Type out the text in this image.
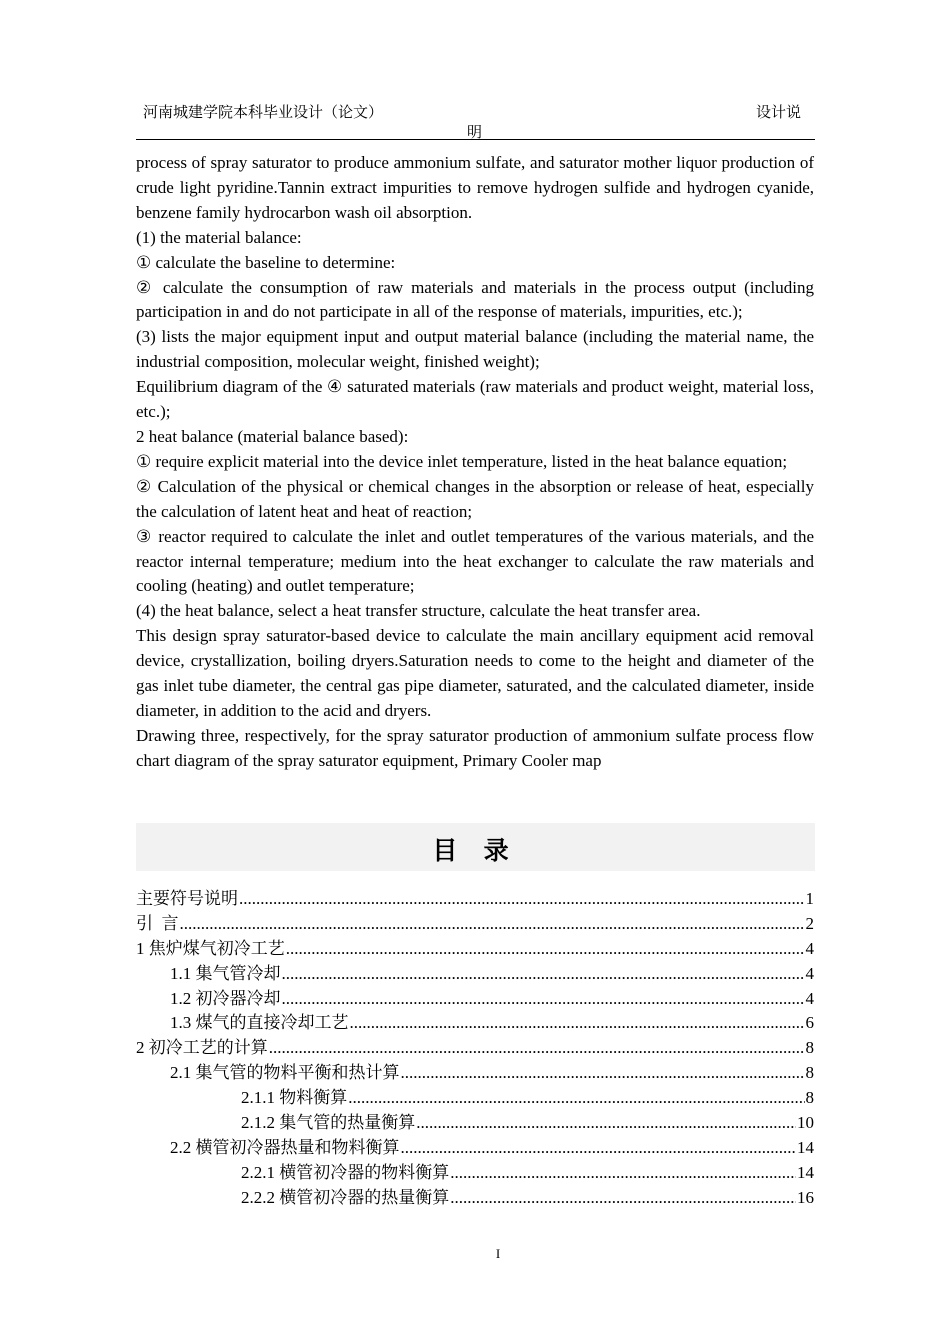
河南城建学院本科毕业设计（论文）	设计说
明

process of spray saturator to produce ammonium sulfate, and saturator mother liquor production of crude light pyridine.Tannin extract impurities to remove hydrogen sulfide and hydrogen cyanide, benzene family hydrocarbon wash oil absorption.

(1) the material balance:

① calculate the baseline to determine:

② calculate the consumption of raw materials and materials in the process output (including participation in and do not participate in all of the response of materials, impurities, etc.);

(3) lists the major equipment input and output material balance (including the material name, the industrial composition, molecular weight, finished weight);

Equilibrium diagram of the ④ saturated materials (raw materials and product weight, material loss, etc.);

2 heat balance (material balance based):

① require explicit material into the device inlet temperature, listed in the heat balance equation;

② Calculation of the physical or chemical changes in the absorption or release of heat, especially the calculation of latent heat and heat of reaction;

③ reactor required to calculate the inlet and outlet temperatures of the various materials, and the reactor internal temperature; medium into the heat exchanger to calculate the raw materials and cooling (heating) and outlet temperature;

(4) the heat balance, select a heat transfer structure, calculate the heat transfer area.

This design spray saturator-based device to calculate the main ancillary equipment acid removal device, crystallization, boiling dryers.Saturation needs to come to the height and diameter of the gas inlet tube diameter, the central gas pipe diameter, saturated, and the calculated diameter, inside diameter, in addition to the acid and dryers.

Drawing three, respectively, for the spray saturator production of ammonium sulfate process flow chart diagram of the spray saturator equipment, Primary Cooler map

目 录
主要符号说明 .....	1
引  言 .....	2
1 焦炉煤气初冷工艺 .....	4
1.1 集气管冷却 .....	4
1.2 初冷器冷却 .....	4
1.3 煤气的直接冷却工艺 .....	6
2 初冷工艺的计算 .....	8
2.1 集气管的物料平衡和热计算 .....	8
2.1.1 物料衡算 .....	8
2.1.2 集气管的热量衡算 .....	10
2.2 横管初冷器热量和物料衡算 .....	14
2.2.1 横管初冷器的物料衡算 .....	14
2.2.2 横管初冷器的热量衡算 .....	16
I
